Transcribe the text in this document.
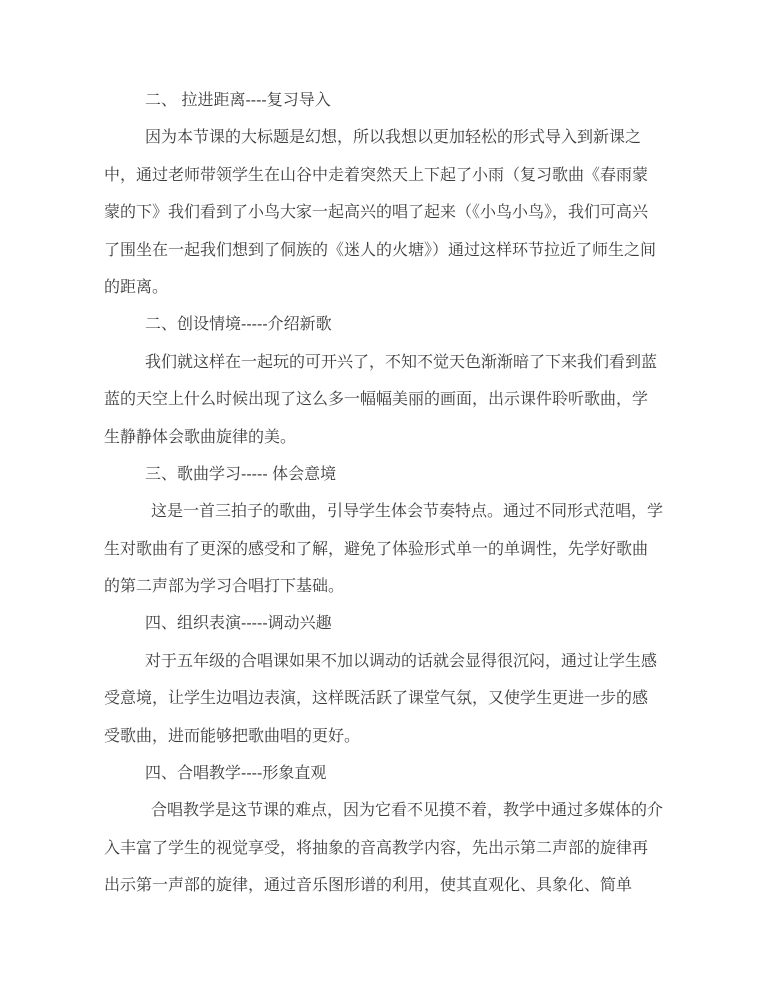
二、 拉进距离----复习导入
因为本节课的大标题是幻想，所以我想以更加轻松的形式导入到新课之
中，通过老师带领学生在山谷中走着突然天上下起了小雨（复习歌曲《春雨蒙
蒙的下》我们看到了小鸟大家一起高兴的唱了起来（《小鸟小鸟》，我们可高兴
了围坐在一起我们想到了侗族的《迷人的火塘》）通过这样环节拉近了师生之间
的距离。
二、创设情境-----介绍新歌
我们就这样在一起玩的可开兴了，不知不觉天色渐渐暗了下来我们看到蓝
蓝的天空上什么时候出现了这么多一幅幅美丽的画面，出示课件聆听歌曲，学
生静静体会歌曲旋律的美。
三、歌曲学习----- 体会意境
这是一首三拍子的歌曲，引导学生体会节奏特点。通过不同形式范唱，学
生对歌曲有了更深的感受和了解，避免了体验形式单一的单调性，先学好歌曲
的第二声部为学习合唱打下基础。
四、组织表演-----调动兴趣
对于五年级的合唱课如果不加以调动的话就会显得很沉闷，通过让学生感
受意境，让学生边唱边表演，这样既活跃了课堂气氛，又使学生更进一步的感
受歌曲，进而能够把歌曲唱的更好。
四、合唱教学----形象直观
合唱教学是这节课的难点，因为它看不见摸不着，教学中通过多媒体的介
入丰富了学生的视觉享受，将抽象的音高教学内容，先出示第二声部的旋律再
出示第一声部的旋律，通过音乐图形谱的利用，使其直观化、具象化、简单
